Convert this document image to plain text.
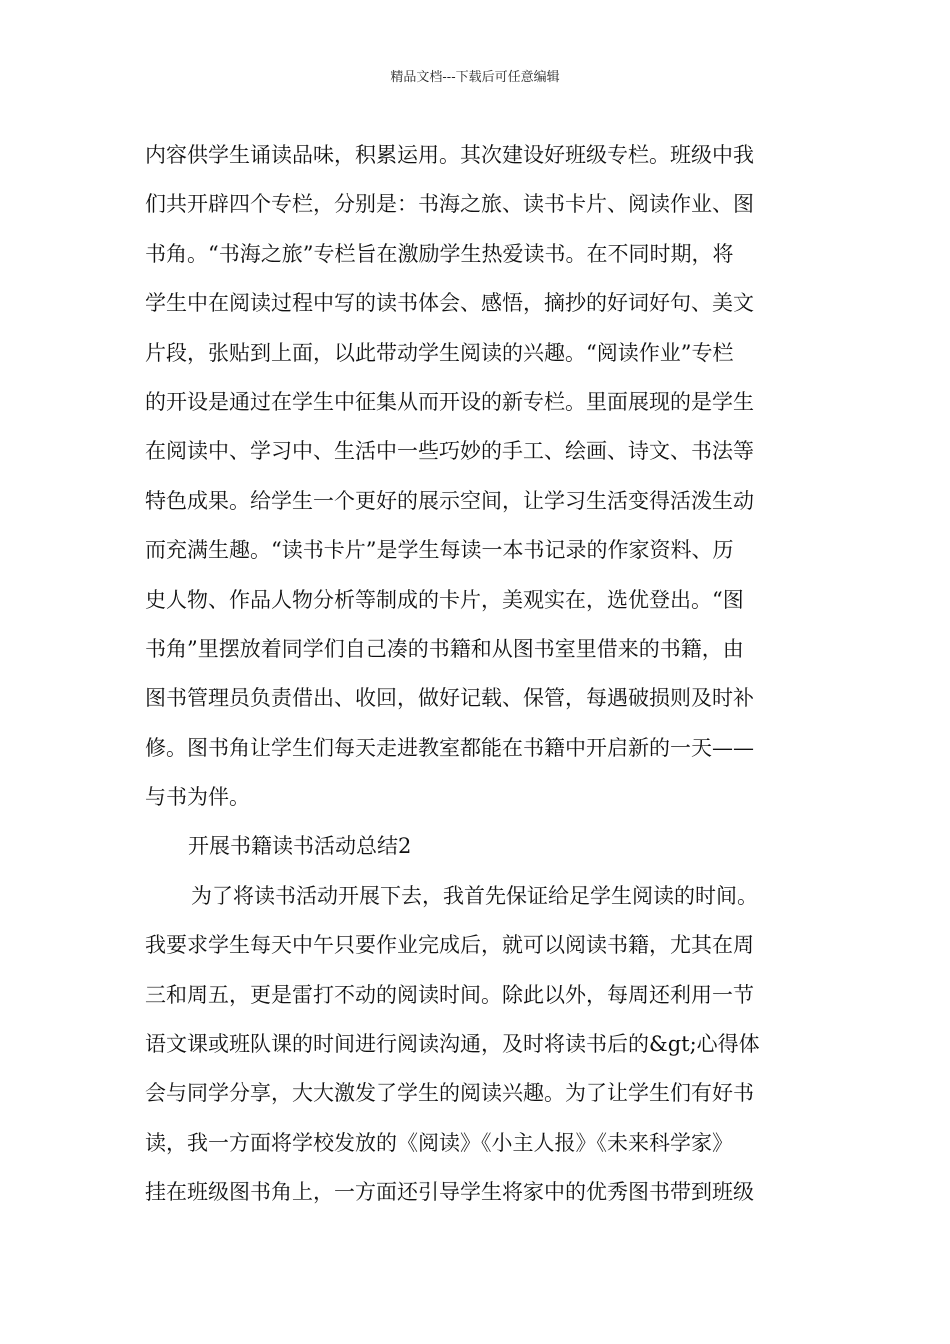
精品文档---下载后可任意编辑
内容供学生诵读品味，积累运用。其次建设好班级专栏。班级中我
们共开辟四个专栏，分别是：书海之旅、读书卡片、阅读作业、图
书角。“书海之旅”专栏旨在激励学生热爱读书。在不同时期，将
学生中在阅读过程中写的读书体会、感悟，摘抄的好词好句、美文
片段，张贴到上面，以此带动学生阅读的兴趣。“阅读作业”专栏
的开设是通过在学生中征集从而开设的新专栏。里面展现的是学生
在阅读中、学习中、生活中一些巧妙的手工、绘画、诗文、书法等
特色成果。给学生一个更好的展示空间，让学习生活变得活泼生动
而充满生趣。“读书卡片”是学生每读一本书记录的作家资料、历
史人物、作品人物分析等制成的卡片，美观实在，选优登出。“图
书角”里摆放着同学们自己凑的书籍和从图书室里借来的书籍，由
图书管理员负责借出、收回，做好记载、保管，每遇破损则及时补
修。图书角让学生们每天走进教室都能在书籍中开启新的一天——
与书为伴。
开展书籍读书活动总结2
为了将读书活动开展下去，我首先保证给足学生阅读的时间。
我要求学生每天中午只要作业完成后，就可以阅读书籍，尤其在周
三和周五，更是雷打不动的阅读时间。除此以外，每周还利用一节
语文课或班队课的时间进行阅读沟通，及时将读书后的&gt;心得体
会与同学分享，大大激发了学生的阅读兴趣。为了让学生们有好书
读，我一方面将学校发放的《阅读》《小主人报》《未来科学家》
挂在班级图书角上，一方面还引导学生将家中的优秀图书带到班级
